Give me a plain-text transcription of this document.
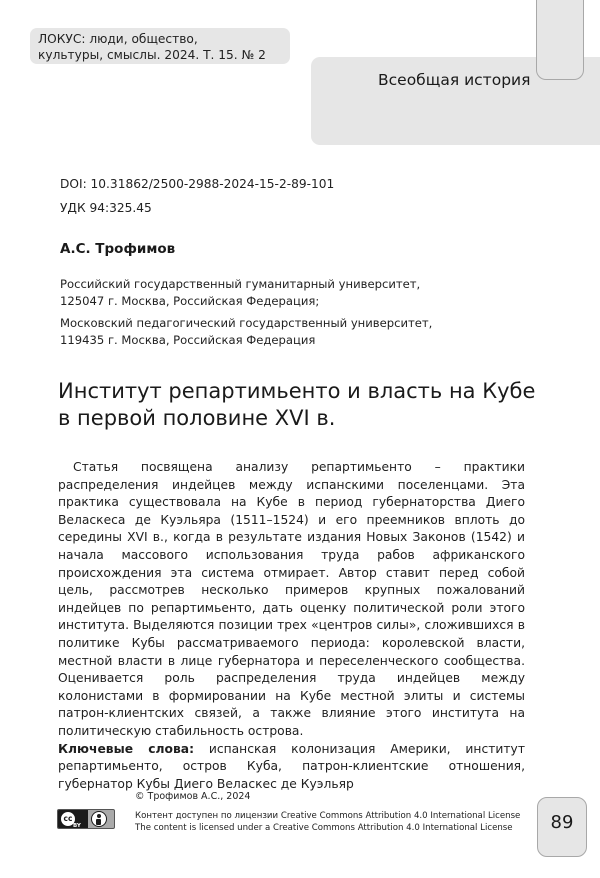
ЛОКУС: люди, общество,
культуры, смыслы. 2024. Т. 15. № 2
Всеобщая история
DOI: 10.31862/2500-2988-2024-15-2-89-101
УДК 94:325.45
А.С. Трофимов
Российский государственный гуманитарный университет,
125047 г. Москва, Российская Федерация;
Московский педагогический государственный университет,
119435 г. Москва, Российская Федерация
Институт репартимьенто и власть на Кубе
в первой половине XVI в.

Статья посвящена анализу репартимьенто – практики распределения индейцев между испанскими поселенцами. Эта практика существовала на Кубе в период губернаторства Диего Веласкеса де Куэльяра (1511–1524) и его преемников вплоть до середины XVI в., когда в результате издания Новых Законов (1542) и начала массового использования труда рабов африканского происхождения эта система отмирает. Автор ставит перед собой цель, рассмотрев несколько примеров крупных пожалований индейцев по репартимьенто, дать оценку политической роли этого института. Выделяются позиции трех «центров силы», сложившихся в политике Кубы рассматриваемого периода: королевской власти, местной власти в лице губернатора и переселенческого сообщества. Оценивается роль распределения труда индейцев между колонистами в формировании на Кубе местной элиты и системы патрон-клиентских связей, а также влияние этого института на политическую стабильность острова.

Ключевые слова: испанская колонизация Америки, институт репартимьенто, остров Куба, патрон-клиентские отношения, губернатор Кубы Диего Веласкес де Куэльяр
© Трофимов А.С., 2024
cc
BY
Контент доступен по лицензии Creative Commons Attribution 4.0 International License
The content is licensed under a Creative Commons Attribution 4.0 International License	89
